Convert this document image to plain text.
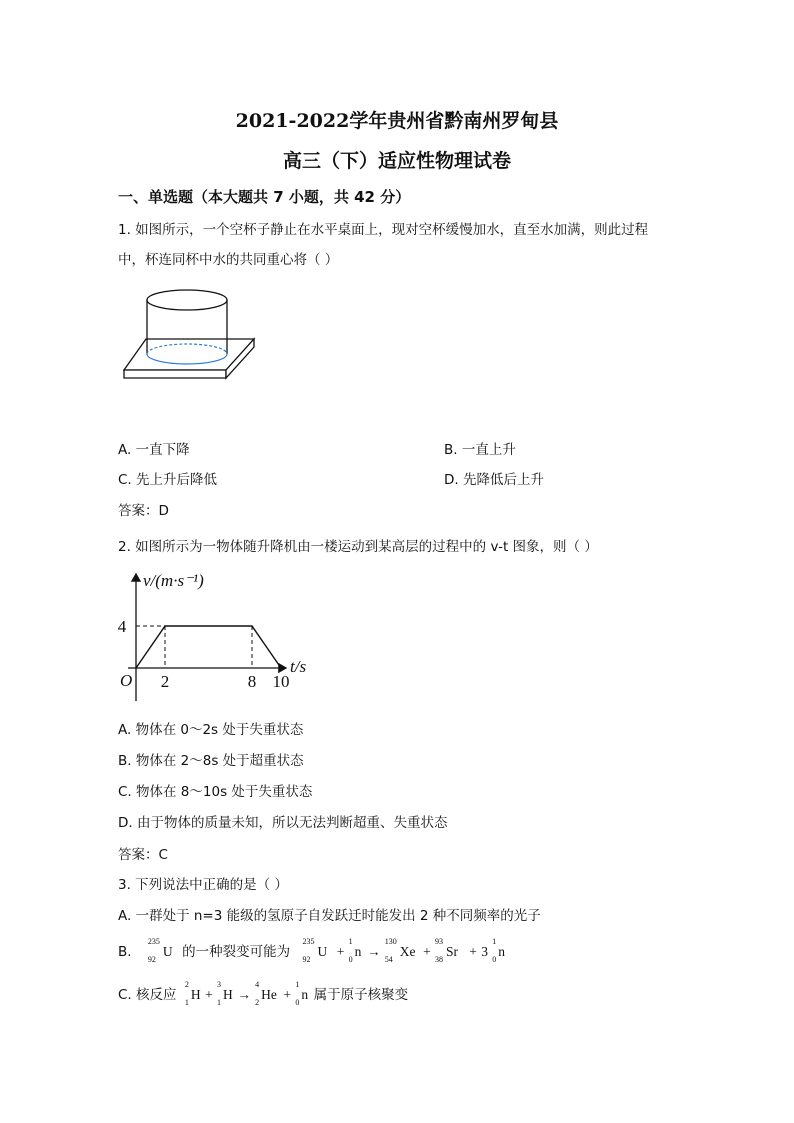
2021-2022学年贵州省黔南州罗甸县
高三（下）适应性物理试卷
一、单选题（本大题共 7 小题，共 42 分）
1. 如图所示，一个空杯子静止在水平桌面上，现对空杯缓慢加水，直至水加满，则此过程
中，杯连同杯中水的共同重心将（ ）
A. 一直下降	B. 一直上升
C. 先上升后降低	D. 先降低后上升
答案：D
2. 如图所示为一物体随升降机由一楼运动到某高层的过程中的 v-t 图象，则（ ）
v/(m·s⁻¹)
t/s
O 2	8 10
4
A. 物体在 0～2s 处于失重状态
B. 物体在 2～8s 处于超重状态
C. 物体在 8～10s 处于失重状态
D. 由于物体的质量未知，所以无法判断超重、失重状态
答案：C
3. 下列说法中正确的是（ ）
A. 一群处于 n=3 能级的氢原子自发跃迁时能发出 2 种不同频率的光子
B.
235
92
U 的一种裂变可能为
235
92
U +
1
0
n →
130
54
Xe +
93
38
Sr + 3
1
0
n
C. 核反应
2
1
H +
3
1
H →
4
2
He +
1
0
n 属于原子核聚变
